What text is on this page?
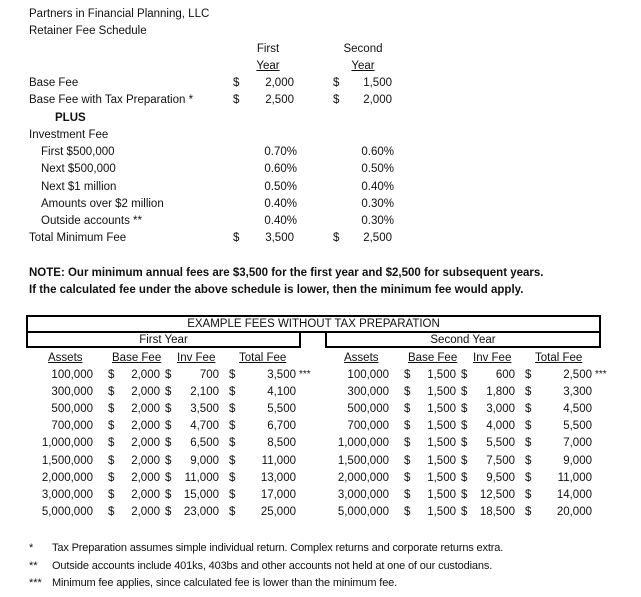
Partners in Financial Planning, LLC
Retainer Fee Schedule
First
Year
Second
Year
Base Fee	$	2,000	$	1,500
Base Fee with Tax Preparation *	$	2,500	$	2,000
PLUS
Investment Fee
First $500,000	0.70%	0.60%
Next $500,000	0.60%	0.50%
Next $1 million	0.50%	0.40%
Amounts over $2 million	0.40%	0.30%
Outside accounts **	0.40%	0.30%
Total Minimum Fee	$	3,500	$	2,500
NOTE: Our minimum annual fees are $3,500 for the first year and $2,500 for subsequent years.
If the calculated fee under the above schedule is lower, then the minimum fee would apply.
EXAMPLE FEES WITHOUT TAX PREPARATION
First Year	Second Year
Assets	Base Fee Inv Fee Total Fee
100,000 $	2,000 $	700 $	3,500 ***
300,000 $	2,000 $	2,100 $	4,100
500,000 $	2,000 $	3,500 $	5,500
700,000 $	2,000 $	4,700 $	6,700
1,000,000 $	2,000 $	6,500 $	8,500
1,500,000 $	2,000 $	9,000 $	11,000
2,000,000 $	2,000 $	11,000 $	13,000
3,000,000 $	2,000 $	15,000 $	17,000
5,000,000 $	2,000 $	23,000 $	25,000
Assets	Base Fee Inv Fee Total Fee
100,000 $	1,500 $	600 $	2,500 ***
300,000 $	1,500 $	1,800 $	3,300
500,000 $	1,500 $	3,000 $	4,500
700,000 $	1,500 $	4,000 $	5,500
1,000,000 $	1,500 $	5,500 $	7,000
1,500,000 $	1,500 $	7,500 $	9,000
2,000,000 $	1,500 $	9,500 $	11,000
3,000,000 $	1,500 $	12,500 $	14,000
5,000,000 $	1,500 $	18,500 $	20,000
* Tax Preparation assumes simple individual return. Complex returns and corporate returns extra.
** Outside accounts include 401ks, 403bs and other accounts not held at one of our custodians.
*** Minimum fee applies, since calculated fee is lower than the minimum fee.
